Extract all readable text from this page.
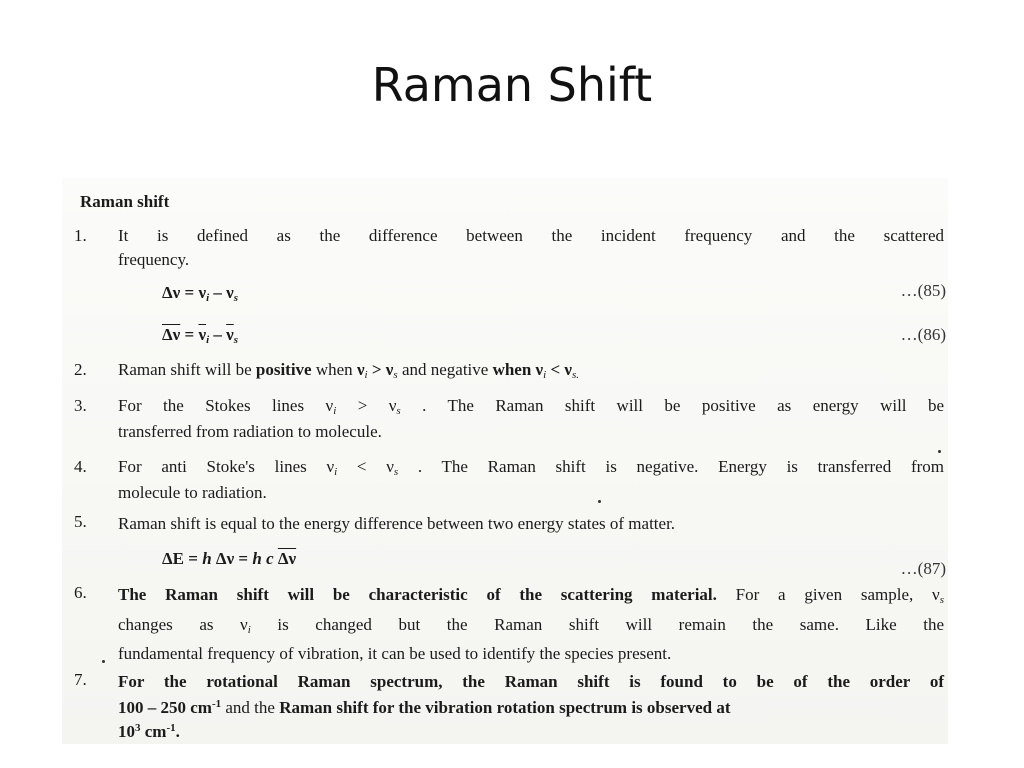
Raman Shift
Raman shift
1. It is defined as the difference between the incident frequency and the scattered
frequency.
$\Delta\nu = \nu_i - \nu_s$	…(85)
$\overline{\Delta\nu} = \overline{\nu}_i - \overline{\nu}_s$	…(86)
2. Raman shift will be positive when $\nu_i > \nu_s$ and negative when $\nu_i < \nu_{s.}$
3. For the Stokes lines $\nu_i > \nu_s$ . The Raman shift will be positive as energy will be
transferred from radiation to molecule.
4. For anti Stoke's lines $\nu_i < \nu_s$ . The Raman shift is negative. Energy is transferred from
molecule to radiation.
5. Raman shift is equal to the energy difference between two energy states of matter.
ΔE = h Δν = h c $\overline{\Delta\nu}$
…(87)
6. The Raman shift will be characteristic of the scattering material. For a given sample, $\nu_s$
changes as $\nu_i$ is changed but the Raman shift will remain the same. Like the
fundamental frequency of vibration, it can be used to identify the species present.
7. For the rotational Raman spectrum, the Raman shift is found to be of the order of
100 – 250 $cm^{-1}$ and the Raman shift for the vibration rotation spectrum is observed at
$10^3$ $cm^{-1}$.
